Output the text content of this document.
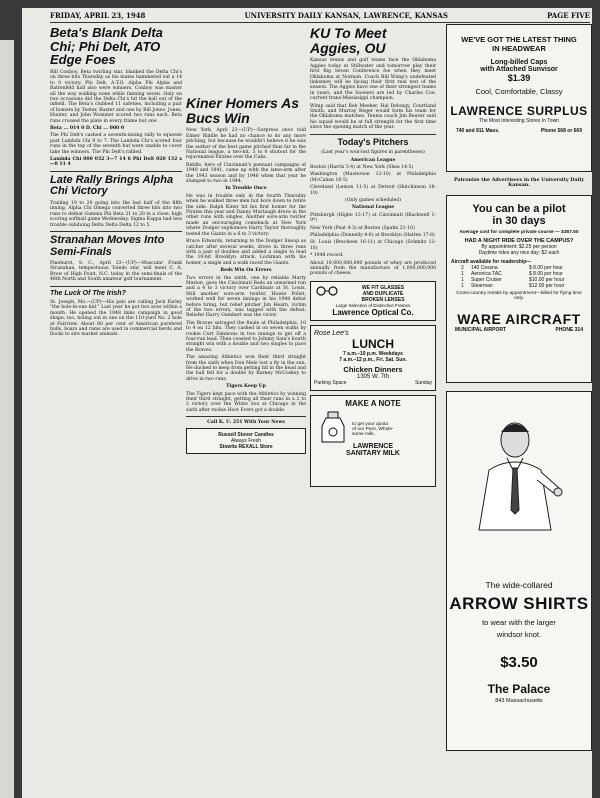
FRIDAY, APRIL 23, 1948	UNIVERSITY DAILY KANSAN, LAWRENCE, KANSAS	PAGE FIVE
Beta's Blank Delta Chi; Phi Delt, ATO Edge Foes

Bill Conboy, Beta twirling star, blanked the Delta Chi's on three hits Thursday as his mates hammered out a 14 to 0 victory. Phi Delt, A.T.O. Alpha Phi Alpha and Battenfeld hall also were winners. Conboy was master all the way walking none while fanning seven. Only on two occasions did the Delta Chi's hit the ball out of the infield. The Beta's clubbed 11 safeties, including a pair of homers by Teeter, Baxter and one by Bill Jones. Jones, Hunter, and John Wommer scored two runs each. Beta runs crossed the plate in every frame but one.

Beta ... 014 0 D. Chi ... 000 0

The Phi Delt's cashed a seventh-inning rally to squeeze past Lambda Chi 9 to 7. The Lambda Chi's scored four runs in the top of the seventh but were unable to cover take the winners. The Phi Delt's rallied.

Lambda Chi 000 032 3—7 14 6 Phi Delt 020 132 x—8 11 4

Late Rally Brings Alpha Chi Victory

Trailing 19 to 20 going into the last half of the fifth inning, Alpha Chi Omega converted three hits into two runs to defeat Gamma Phi Beta 21 to 20 in a close, high scoring softball game Wednesday. Sigma Kappa had less trouble subduing Delta Delta Delta 12 to 5.

Stranahan Moves Into Semi-Finals

Pinehurst, S. C., April 23—(UP)—Muscular Frank Stranahan, tempestuous Toledo star, will meet C. A. Brow of High Point, N.C. today in the semi-finals of the 48th North and South amateur golf tournament.

The Luck Of The Irish?

St. Joseph, Mo.—(UP)—His pals are calling Jack Farley "the hole-in-one kid." Last year he got two aces within a month. He opened the 1948 links campaign in good shape, too, holing out in one on the 110-yard No. 2 hole at Fairview. About 80 per cent of American purebred bulls, boars and rams are used in commercial herds and flocks to sire market animals.

Kiner Homers As Bucs Win

New York, April 23—(UP)—Surpress once told Elmer Riddle he had no chance to do any more pitching, but because he wouldn't believe it he was the author of the best game pitched thus far in the National league, a two-hit, 3 to 0 shutout for the rejuvenated Pirates over the Cubs.

Riddle, hero of Cincinnati's pennant campaigns of 1940 and 1941, came up with the lame-arm after the 1943 season and by 1946 when that year he slumped to two in 1944.

In Trouble Once

He was in trouble only in the fourth Thursday when he walked three men but bore down to retire the side. Ralph Kiner hit his first homer for the Pirates this year and Danny Murtaugh drove in the other runs with singles. Another sore-arm twirler made an encouraging comeback at New York where Dodger sophomore Harry Taylor thoroughly tested the Giants in a 6 to 3 victory.

Bruce Edwards, returning to the Dodger lineup as catcher after several weeks, drove in three runs with a pair of doubles and added a single to lead the 10-hit Brooklyn attack. Lockman with his homer, a single and a walk raced the Giants.

Reds Win On Errors

Two errors in the ninth, one by reliable Marty Marion, gave the Cincinnati Reds an unearned run and a 4 to 3 victory over Cardinals at St. Louis. Still another sore-arm twirler, Howie Pollet, worked well for seven innings in his 1948 debut before tiring, but relief pitcher Jim Hearn, victim of the two errors, was tagged with the defeat. Reliefer Harry Gumbert was the victor.

The Braves salvaged the finale at Philadelphia, 10 to 4 on 12 hits. They cashed in on seven walks by rookie Curt Simmons in two innings to get off a four-run lead. Then coasted to Johnny Sain's fourth straight win with a double and two singles to pace the Braves.

The amazing Athletics won their third straight from the sixth when Don Mele lost a fly in the sun. He ducked to keep from getting hit in the head and the ball fell for a double by Barney McCoskey to drive in two runs.

Tigers Keep Up

The Tigers kept pace with the Athletics by winning their third straight, getting all their runs in a 2 to 2 victory over the White Sox at Chicago in the sixth after rookie Hoot Evers got a double.

Call K. U. 251 With Your News

Russell Stover Candies
Always Fresh
Stowits REXALL Store
KU To Meet Aggies, OU

Kansas tennis and golf teams face the Oklahoma Aggies today at Stillwater and tomorrow play their first Big Seven Conference foe when they meet Oklahoma at Norman. Coach Bill Wimp's undefeated linksmen will be facing their first real test of the season. The Aggies have one of their strongest teams in years, and the Sooners are led by Charles Coe, current trans-Mississippi champion.

Wimp said that Bob Meeker, Hal Delongy, Courtland Smith, and Murray Beger would form his team for the Oklahoma matches. Tennis coach Jim Beaver said his squad would be at full strength for the first time since the opening match of the year.

Today's Pitchers

(Last year's won-lost figures in parentheses)

American League

Boston (Harris 3-4) at New York (Shea 14-5)

Washington (Masterson 12-10) at Philadelphia (McCahan 10-5)

Cleveland (Lemon 11-5) at Detroit (Hutchinson 18-10)

(Only games scheduled)

National League

Pittsburgh (Higbe 13-17) at Cincinnati (Blackwell 1-0*)

New York (Poat 4-3) at Boston (Spahn 21-10)

Philadelphia (Donnelly 4-6) at Brooklyn (Hatten 17-8)

St. Louis (Brecheen 16-11) at Chicago (Schmitz 13-18)

* 1948 record.

About 10,000,000,000 pounds of whey are produced annually from the manufacture of 1,000,000,000 pounds of cheese.

WE FIT GLASSES
AND DUPLICATE
BROKEN LENSES
Large Selection of Distinctive Frames
Lawrence Optical Co.
Rose Lee's
LUNCH
7 a.m.–10 p.m. Weekdays
7 a.m.–12 p.m., Fri. Sat. Sun.
Chicken Dinners
1305 W. 7th
Parking Space	Sunday
MAKE A NOTE
to get your quota
of our Pure, Whole-
some milk.
LAWRENCE
SANITARY MILK
WE'VE GOT THE LATEST THING
IN HEADWEAR
Long-billed Caps
with Attached Sunvisor
$1.39
Cool, Comfortable, Classy
LAWRENCE SURPLUS
The Most Interesting Stores In Town
740 and 911 Mass.	Phone 568 or 669

Patronize the Advertisers in the University Daily Kansan.

You can be a pilot
in 30 days
Average cost for complete private course — $357.50
HAD A NIGHT RIDE OVER THE CAMPUS?
By appointment: $2.25 per person
Daytime rides any nice day: $2 each
Aircraft available for readership—
2	140 Cessna	$ 8.00 per hour
1	Aeronica TAC	$ 8.00 per hour
1	Super Cruiser	$10.00 per hour
1	Stearman	$12.00 per hour
Cross-country rentals by appointment—billed for flying time only.
WARE AIRCRAFT
MUNICIPAL AIRPORT	PHONE 314
The wide-collared
ARROW SHIRTS
to wear with the larger
windsor knot.
$3.50
The Palace
843 Massachusetts
